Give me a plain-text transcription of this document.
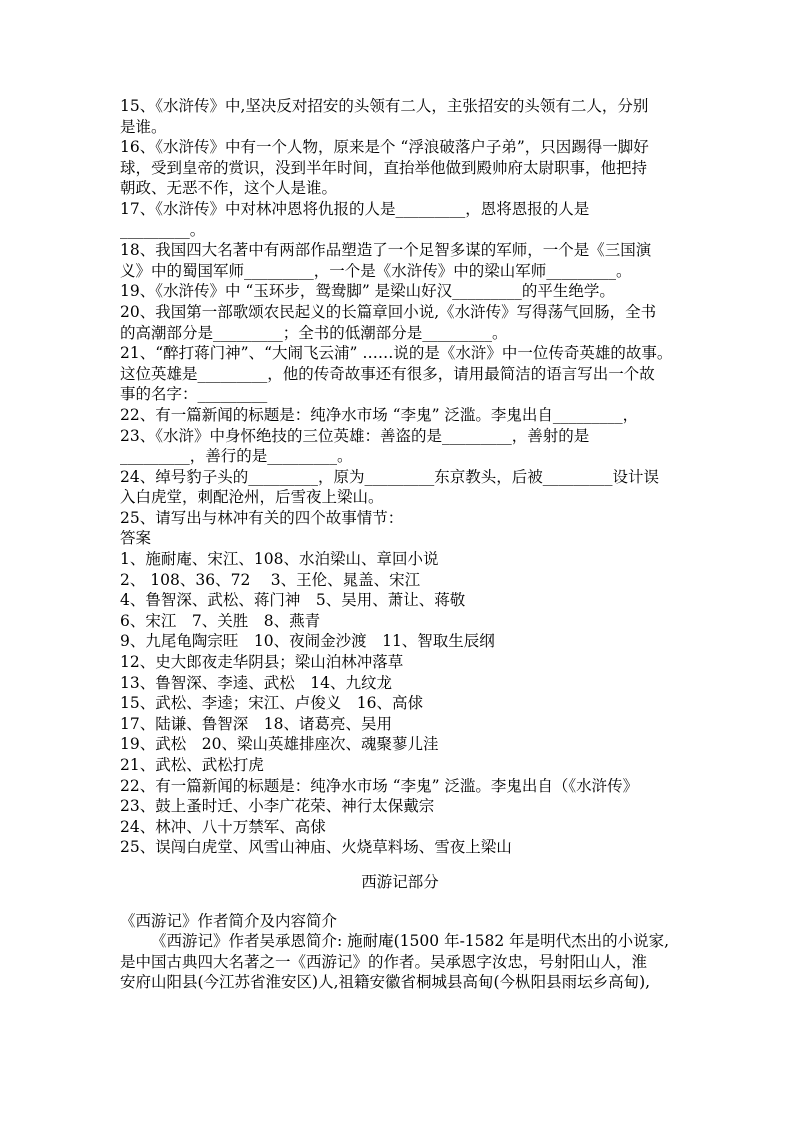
15、《水浒传》中,坚决反对招安的头领有二人，主张招安的头领有二人，分别
是谁。
16、《水浒传》中有一个人物，原来是个 “浮浪破落户子弟”，只因踢得一脚好
球，受到皇帝的赏识，没到半年时间，直抬举他做到殿帅府太尉职事，他把持
朝政、无恶不作，这个人是谁。
17、《水浒传》中对林冲恩将仇报的人是_________，恩将恩报的人是
_________。
18、我国四大名著中有两部作品塑造了一个足智多谋的军师，一个是《三国演
义》中的蜀国军师_________，一个是《水浒传》中的梁山军师_________。
19、《水浒传》中 “玉环步，鸳鸯脚” 是梁山好汉_________的平生绝学。
20、我国第一部歌颂农民起义的长篇章回小说,《水浒传》写得荡气回肠，全书
的高潮部分是_________；全书的低潮部分是_________。
21、“醉打蒋门神”、“大闹飞云浦” ……说的是《水浒》中一位传奇英雄的故事。
这位英雄是_________，他的传奇故事还有很多，请用最简洁的语言写出一个故
事的名字：_________
22、有一篇新闻的标题是：纯净水市场 “李鬼” 泛滥。李鬼出自_________，
23、《水浒》中身怀绝技的三位英雄：善盗的是_________，善射的是
_________，善行的是_________。
24、绰号豹子头的_________，原为_________东京教头，后被_________设计误
入白虎堂，刺配沧州，后雪夜上梁山。
25、请写出与林冲有关的四个故事情节：
答案
1、施耐庵、宋江、108、水泊梁山、章回小说
2、 108、36、72　 3、王伦、晁盖、宋江
4、鲁智深、武松、蒋门神　5、吴用、萧让、蒋敬
6、宋江　7、关胜　8、燕青
9、九尾龟陶宗旺　10、夜闹金沙渡　11、智取生辰纲
12、史大郎夜走华阴县；梁山泊林冲落草
13、鲁智深、李逵、武松　14、九纹龙
15、武松、李逵；宋江、卢俊义　16、高俅
17、陆谦、鲁智深　18、诸葛亮、吴用
19、武松　20、梁山英雄排座次、魂聚蓼儿洼
21、武松、武松打虎
22、有一篇新闻的标题是：纯净水市场 “李鬼” 泛滥。李鬼出自（《水浒传》
23、鼓上蚤时迁、小李广花荣、神行太保戴宗
24、林冲、八十万禁军、高俅
25、误闯白虎堂、风雪山神庙、火烧草料场、雪夜上梁山
西游记部分
《西游记》作者简介及内容简介
《西游记》作者吴承恩简介: 施耐庵(1500 年-1582 年是明代杰出的小说家,
是中国古典四大名著之一《西游记》的作者。吴承恩字汝忠，号射阳山人，淮
安府山阳县(今江苏省淮安区)人,祖籍安徽省桐城县高甸(今枞阳县雨坛乡高甸),
